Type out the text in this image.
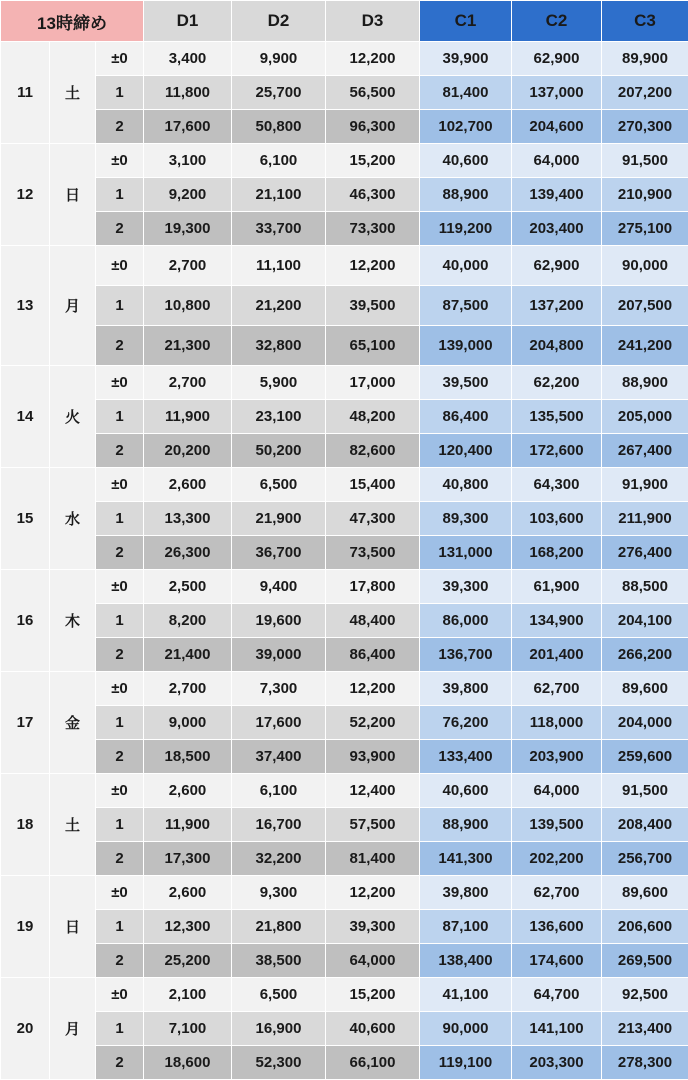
13時締め			D1	D2	D3	C1	C2	C3
11	土	±0	3,400	9,900	12,200	39,900	62,900	89,900
		1	11,800	25,700	56,500	81,400	137,000	207,200
		2	17,600	50,800	96,300	102,700	204,600	270,300
12	日	±0	3,100	6,100	15,200	40,600	64,000	91,500
		1	9,200	21,100	46,300	88,900	139,400	210,900
		2	19,300	33,700	73,300	119,200	203,400	275,100
13	月	±0	2,700	11,100	12,200	40,000	62,900	90,000
		1	10,800	21,200	39,500	87,500	137,200	207,500
		2	21,300	32,800	65,100	139,000	204,800	241,200
14	火	±0	2,700	5,900	17,000	39,500	62,200	88,900
		1	11,900	23,100	48,200	86,400	135,500	205,000
		2	20,200	50,200	82,600	120,400	172,600	267,400
15	水	±0	2,600	6,500	15,400	40,800	64,300	91,900
		1	13,300	21,900	47,300	89,300	103,600	211,900
		2	26,300	36,700	73,500	131,000	168,200	276,400
16	木	±0	2,500	9,400	17,800	39,300	61,900	88,500
		1	8,200	19,600	48,400	86,000	134,900	204,100
		2	21,400	39,000	86,400	136,700	201,400	266,200
17	金	±0	2,700	7,300	12,200	39,800	62,700	89,600
		1	9,000	17,600	52,200	76,200	118,000	204,000
		2	18,500	37,400	93,900	133,400	203,900	259,600
18	土	±0	2,600	6,100	12,400	40,600	64,000	91,500
		1	11,900	16,700	57,500	88,900	139,500	208,400
		2	17,300	32,200	81,400	141,300	202,200	256,700
19	日	±0	2,600	9,300	12,200	39,800	62,700	89,600
		1	12,300	21,800	39,300	87,100	136,600	206,600
		2	25,200	38,500	64,000	138,400	174,600	269,500
20	月	±0	2,100	6,500	15,200	41,100	64,700	92,500
		1	7,100	16,900	40,600	90,000	141,100	213,400
		2	18,600	52,300	66,100	119,100	203,300	278,300
